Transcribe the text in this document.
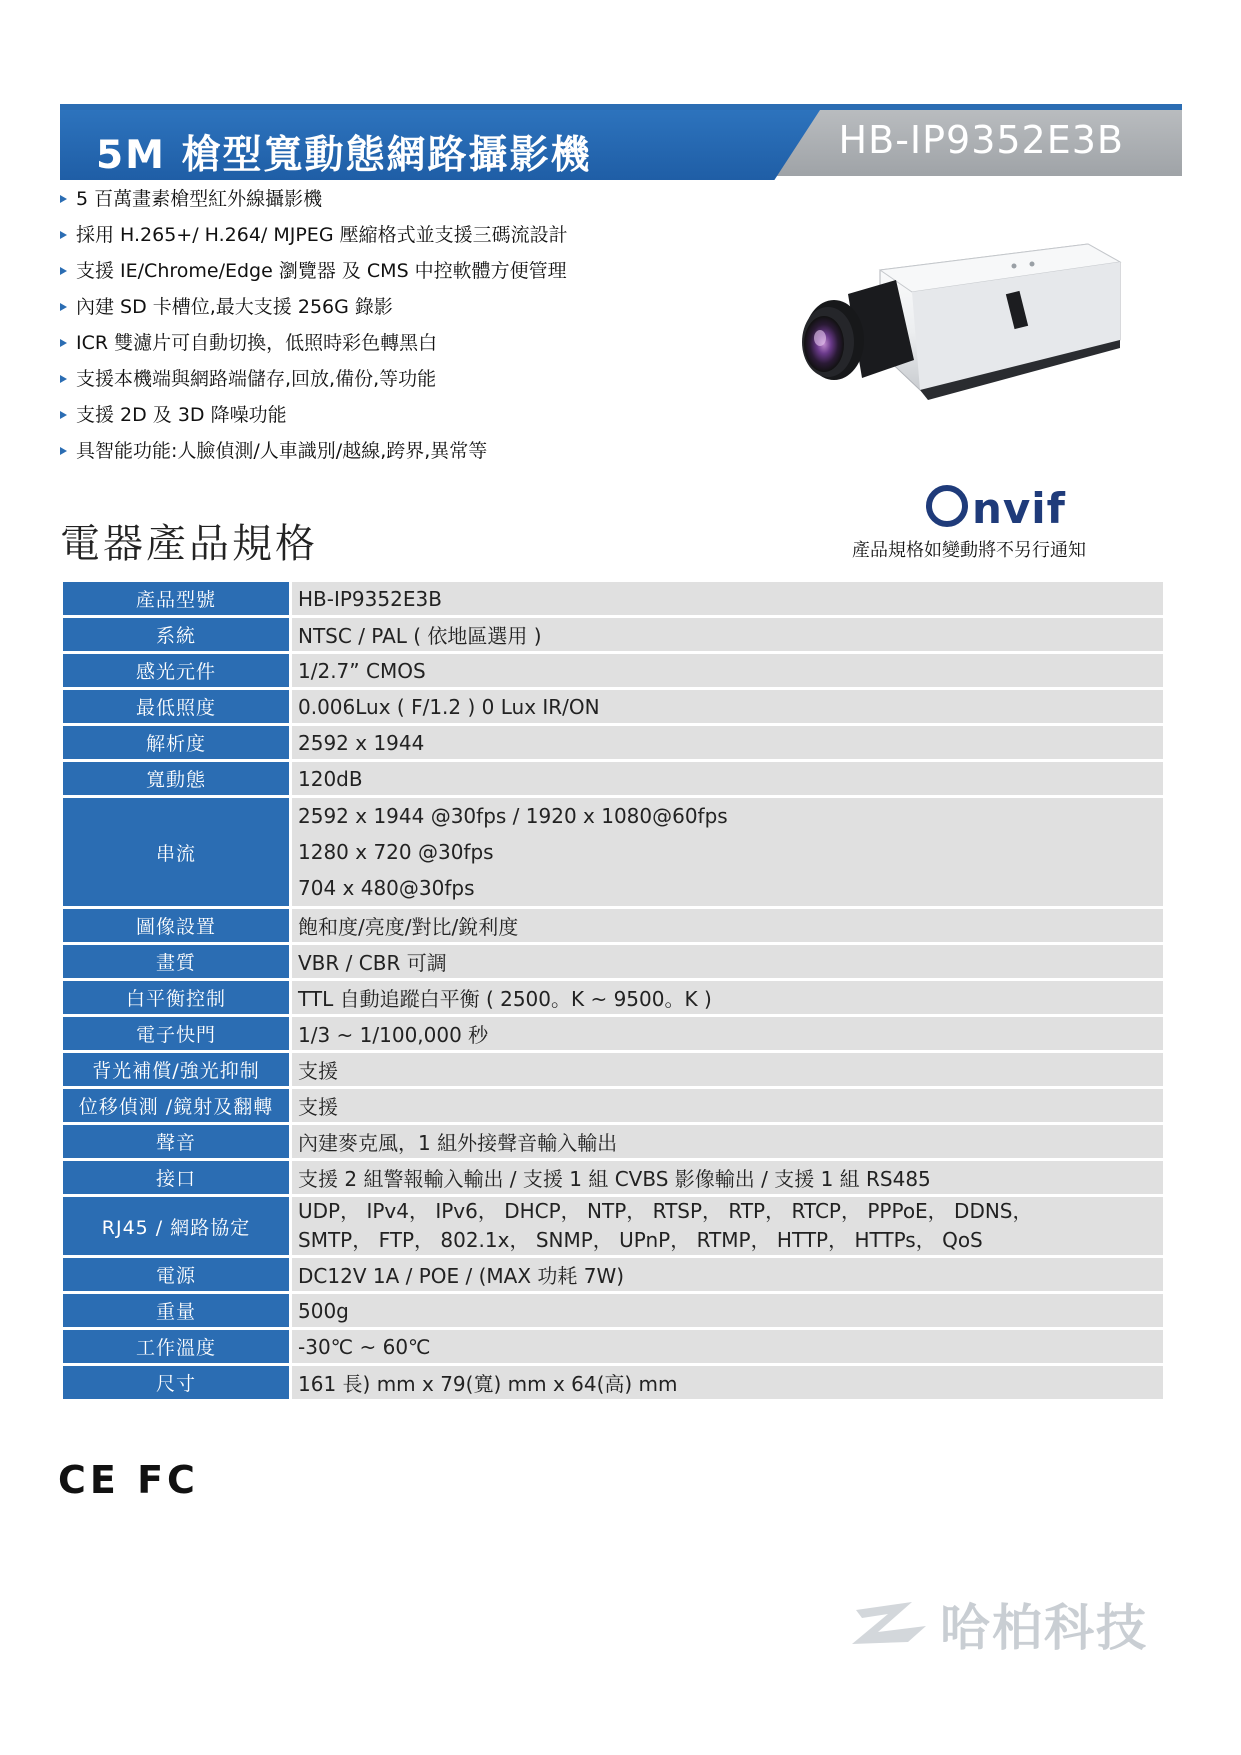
5M 槍型寬動態網路攝影機	HB-IP9352E3B
5 百萬畫素槍型紅外線攝影機
採用 H.265+/ H.264/ MJPEG 壓縮格式並支援三碼流設計
支援 IE/Chrome/Edge 瀏覽器 及 CMS 中控軟體方便管理
內建 SD 卡槽位,最大支援 256G 錄影
ICR 雙濾片可自動切換，低照時彩色轉黑白
支援本機端與網路端儲存,回放,備份,等功能
支援 2D 及 3D 降噪功能
具智能功能:人臉偵測/人車識別/越線,跨界,異常等
nvif
產品規格如變動將不另行通知
電器產品規格
產品型號	HB-IP9352E3B
系統	NTSC / PAL ( 依地區選用 )
感光元件	1/2.7” CMOS
最低照度	0.006Lux ( F/1.2 ) 0 Lux IR/ON
解析度	2592 x 1944
寬動態	120dB
串流	2592 x 1944 @30fps / 1920 x 1080@60fps
1280 x 720 @30fps
704 x 480@30fps

圖像設置	飽和度/亮度/對比/銳利度
畫質	VBR / CBR 可調
白平衡控制	TTL 自動追蹤白平衡 ( 2500。K ~ 9500。K )
電子快門	1/3 ~ 1/100,000 秒
背光補償/強光抑制	支援
位移偵測 /鏡射及翻轉	支援
聲音	內建麥克風，1 組外接聲音輸入輸出
接口	支援 2 組警報輸入輸出 / 支援 1 組 CVBS 影像輸出 / 支援 1 組 RS485
RJ45 / 網路協定	UDP， IPv4， IPv6， DHCP， NTP， RTSP， RTP， RTCP， PPPoE， DDNS，
SMTP， FTP， 802.1x， SNMP， UPnP， RTMP， HTTP， HTTPs， QoS

電源	DC12V 1A / POE / (MAX 功耗 7W)
重量	500g
工作溫度	-30℃ ~ 60℃
尺寸	161 長) mm x 79(寬) mm x 64(高) mm
CE FC
哈柏科技
